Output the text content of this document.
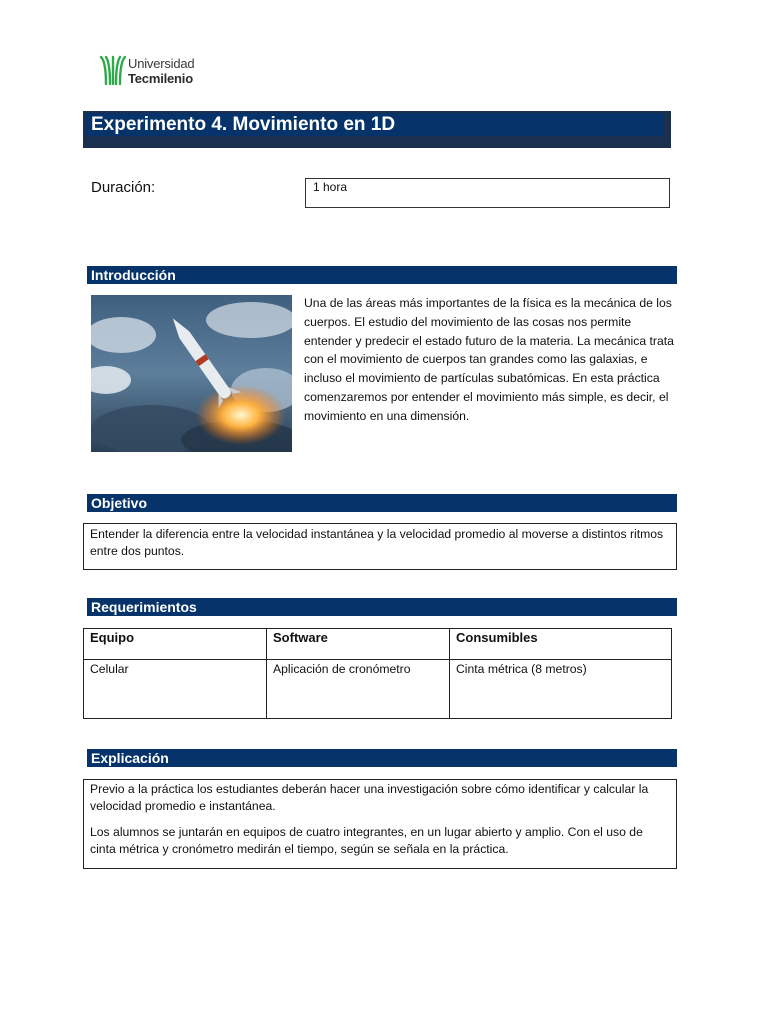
Universidad
Tecmilenio
Experimento 4. Movimiento en 1D
Duración:	1 hora
Introducción
Una de las áreas más importantes de la física es la mecánica de los cuerpos. El estudio del movimiento de las cosas nos permite entender y predecir el estado futuro de la materia. La mecánica trata con el movimiento de cuerpos tan grandes como las galaxias, e incluso el movimiento de partículas subatómicas. En esta práctica comenzaremos por entender el movimiento más simple, es decir, el movimiento en una dimensión.
Objetivo
Entender la diferencia entre la velocidad instantánea y la velocidad promedio al moverse a distintos ritmos entre dos puntos.
Requerimientos
Equipo	Software	Consumibles
Celular	Aplicación de cronómetro	Cinta métrica (8 metros)
Explicación

Previo a la práctica los estudiantes deberán hacer una investigación sobre cómo identificar y calcular la velocidad promedio e instantánea.

Los alumnos se juntarán en equipos de cuatro integrantes, en un lugar abierto y amplio. Con el uso de cinta métrica y cronómetro medirán el tiempo, según se señala en la práctica.
